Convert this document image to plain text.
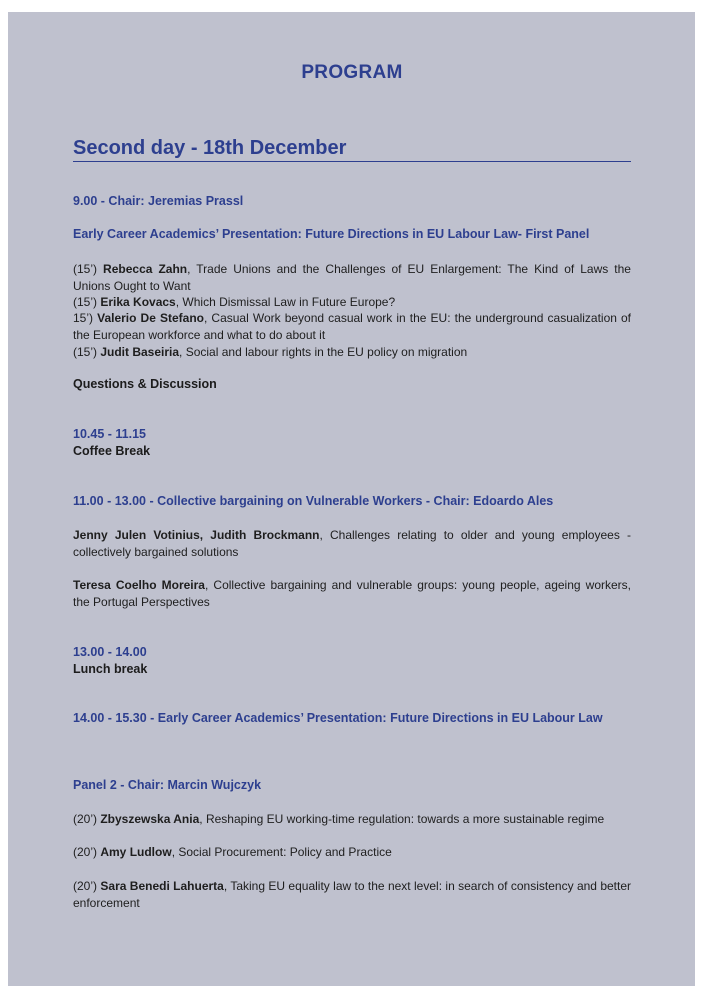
PROGRAM
Second day - 18th December
9.00 - Chair: Jeremias Prassl
Early Career Academics’ Presentation: Future Directions in EU Labour Law- First Panel
(15’) Rebecca Zahn, Trade Unions and the Challenges of EU Enlargement: The Kind of Laws the Unions Ought to Want
(15’) Erika Kovacs, Which Dismissal Law in Future Europe?
15’) Valerio De Stefano, Casual Work beyond casual work in the EU: the underground casualization of the European workforce and what to do about it
(15’) Judit Baseiria, Social and labour rights in the EU policy on migration
Questions & Discussion
10.45 - 11.15
Coffee Break
11.00 - 13.00 - Collective bargaining on Vulnerable Workers - Chair: Edoardo Ales
Jenny Julen Votinius, Judith Brockmann, Challenges relating to older and young employees - collectively bargained solutions
Teresa Coelho Moreira, Collective bargaining and vulnerable groups: young people, ageing workers, the Portugal Perspectives
13.00 - 14.00
Lunch break
14.00 - 15.30 - Early Career Academics’ Presentation: Future Directions in EU Labour Law
Panel 2 - Chair: Marcin Wujczyk
(20’) Zbyszewska Ania, Reshaping EU working-time regulation: towards a more sustainable regime
(20’) Amy Ludlow, Social Procurement: Policy and Practice
(20’) Sara Benedi Lahuerta, Taking EU equality law to the next level: in search of consistency and better enforcement
